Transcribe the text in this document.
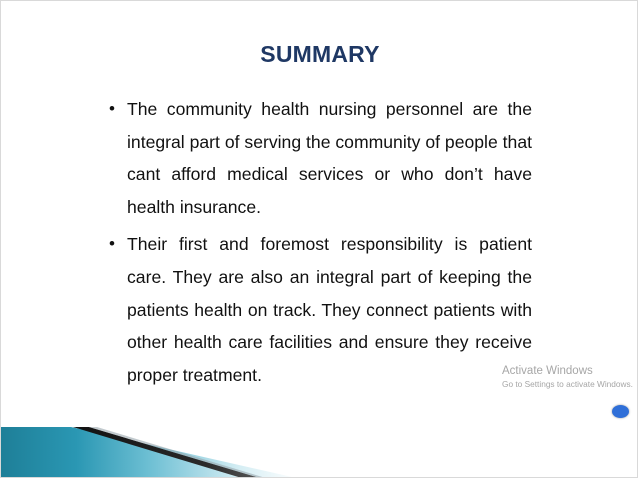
SUMMARY
• The community health nursing personnel are the integral part of serving the community of people that cant afford medical services or who don’t have health insurance.
• Their first and foremost responsibility is patient care. They are also an integral part of keeping the patients health on track. They connect patients with other health care facilities and ensure they receive proper treatment.	Activate Windows
Go to Settings to activate Windows.
